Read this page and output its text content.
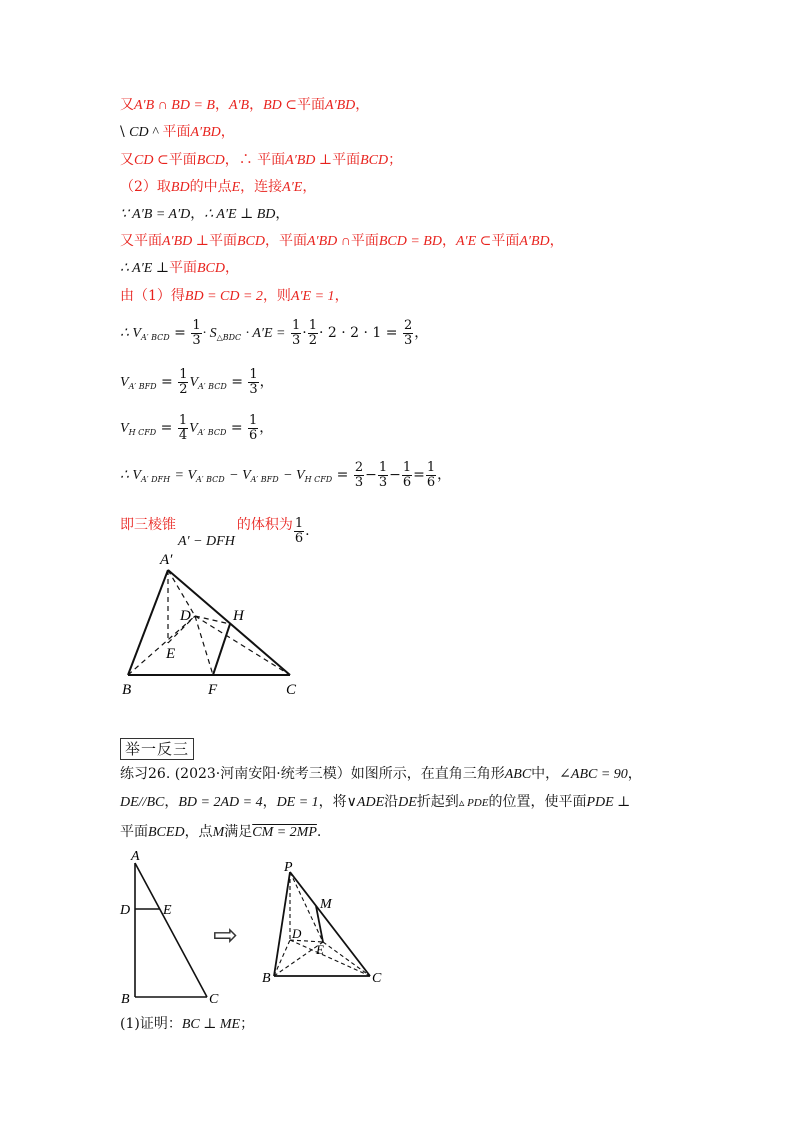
又A′B ∩ BD = B，A′B，BD ⊂平面A′BD，
\ CD ^ 平面A′BD，
又CD ⊂平面BCD，∴ 平面A′BD ⊥平面BCD；
（2）取BD的中点E，连接A′E，
∵ A′B = A′D，∴ A′E ⊥ BD，
又平面A′BD ⊥平面BCD，平面A′BD ∩平面BCD = BD，A′E ⊂平面A′BD，
∴ A′E ⊥平面BCD，
由（1）得BD = CD = 2，则A′E = 1，
∴ $V_{A' BCD} = \frac{1}{3} \cdot S_{\triangle BDC} \cdot A'E = \frac{1}{3} \cdot \frac{1}{2} \cdot 2 \cdot 2 \cdot 1 = \frac{2}{3}$ ，
$V_{A' BFD} = \frac{1}{2} V_{A' BCD} = \frac{1}{3}$ ，
$V_{H CFD} = \frac{1}{4} V_{A' BCD} = \frac{1}{6}$ ，
∴ $V_{A' DFH} = V_{A' BCD} - V_{A' BFD} - V_{H CFD} = \frac{2}{3} - \frac{1}{3} - \frac{1}{6} = \frac{1}{6}$ ，
即三棱锥A′ − DFH的体积为 $\frac{1}{6}$ .
A′
D	H
E
B	F	C
举一反三
练习26. (2023·河南安阳·统考三模）如图所示，在直角三角形ABC中，∠ABC = 90，
DE//BC，BD = 2AD = 4，DE = 1，将∨ADE沿DE折起到▵ PDE的位置，使平面PDE ⊥
平面BCED，点M满足CM = 2MP.
A
D E
B	C
⇨
P
M
D
E
B	C
(1)证明：BC ⊥ ME；
